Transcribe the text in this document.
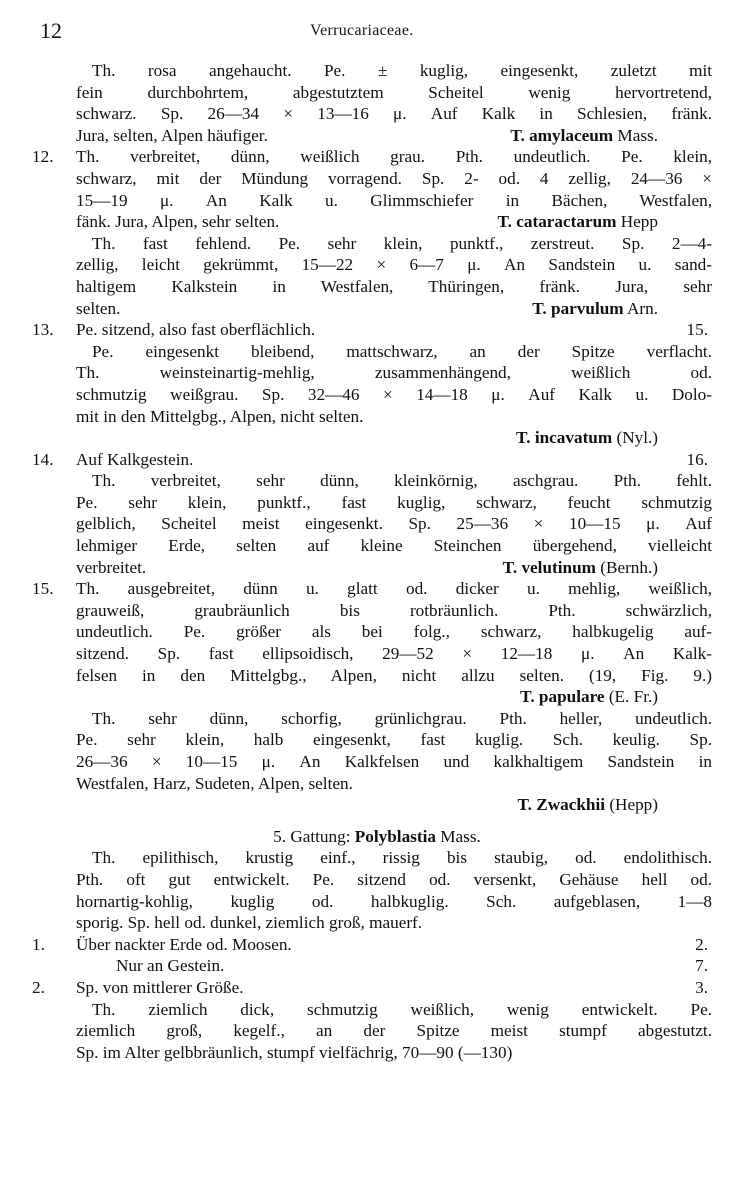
12	Verrucariaceae.
Th. rosa angehaucht. Pe. ± kuglig, eingesenkt, zuletzt mit
fein durchbohrtem, abgestutztem Scheitel wenig hervortretend,
schwarz. Sp. 26—34 × 13—16 μ. Auf Kalk in Schlesien, fränk.
Jura, selten, Alpen häufiger.	T. amylaceum Mass.
12.	Th. verbreitet, dünn, weißlich grau. Pth. undeutlich. Pe. klein,
schwarz, mit der Mündung vorragend. Sp. 2- od. 4 zellig, 24—36 ×
15—19 μ. An Kalk u. Glimmschiefer in Bächen, Westfalen,
fänk. Jura, Alpen, sehr selten.	T. cataractarum Hepp
Th. fast fehlend. Pe. sehr klein, punktf., zerstreut. Sp. 2—4-
zellig, leicht gekrümmt, 15—22 × 6—7 μ. An Sandstein u. sand-
haltigem Kalkstein in Westfalen, Thüringen, fränk. Jura, sehr
selten.	T. parvulum Arn.
13.	Pe. sitzend, also fast oberflächlich.	15.
Pe. eingesenkt bleibend, mattschwarz, an der Spitze verflacht.
Th. weinsteinartig-mehlig, zusammenhängend, weißlich od.
schmutzig weißgrau. Sp. 32—46 × 14—18 μ. Auf Kalk u. Dolo-
mit in den Mittelgbg., Alpen, nicht selten.
T. incavatum (Nyl.)
14.	Auf Kalkgestein.	16.
Th. verbreitet, sehr dünn, kleinkörnig, aschgrau. Pth. fehlt.
Pe. sehr klein, punktf., fast kuglig, schwarz, feucht schmutzig
gelblich, Scheitel meist eingesenkt. Sp. 25—36 × 10—15 μ. Auf
lehmiger Erde, selten auf kleine Steinchen übergehend, vielleicht
verbreitet.	T. velutinum (Bernh.)
15.	Th. ausgebreitet, dünn u. glatt od. dicker u. mehlig, weißlich,
grauweiß, graubräunlich bis rotbräunlich. Pth. schwärzlich,
undeutlich. Pe. größer als bei folg., schwarz, halbkugelig auf-
sitzend. Sp. fast ellipsoidisch, 29—52 × 12—18 μ. An Kalk-
felsen in den Mittelgbg., Alpen, nicht allzu selten. (19, Fig. 9.)
T. papulare (E. Fr.)
Th. sehr dünn, schorfig, grünlichgrau. Pth. heller, undeutlich.
Pe. sehr klein, halb eingesenkt, fast kuglig. Sch. keulig. Sp.
26—36 × 10—15 μ. An Kalkfelsen und kalkhaltigem Sandstein in
Westfalen, Harz, Sudeten, Alpen, selten.
T. Zwackhii (Hepp)
5. Gattung: Polyblastia Mass.
Th. epilithisch, krustig einf., rissig bis staubig, od. endolithisch.
Pth. oft gut entwickelt. Pe. sitzend od. versenkt, Gehäuse hell od.
hornartig-kohlig, kuglig od. halbkuglig. Sch. aufgeblasen, 1—8
sporig. Sp. hell od. dunkel, ziemlich groß, mauerf.
1.	Über nackter Erde od. Moosen.	2.
Nur an Gestein.	7.
2.	Sp. von mittlerer Größe.	3.
Th. ziemlich dick, schmutzig weißlich, wenig entwickelt. Pe.
ziemlich groß, kegelf., an der Spitze meist stumpf abgestutzt.
Sp. im Alter gelbbräunlich, stumpf vielfächrig, 70—90 (—130)
